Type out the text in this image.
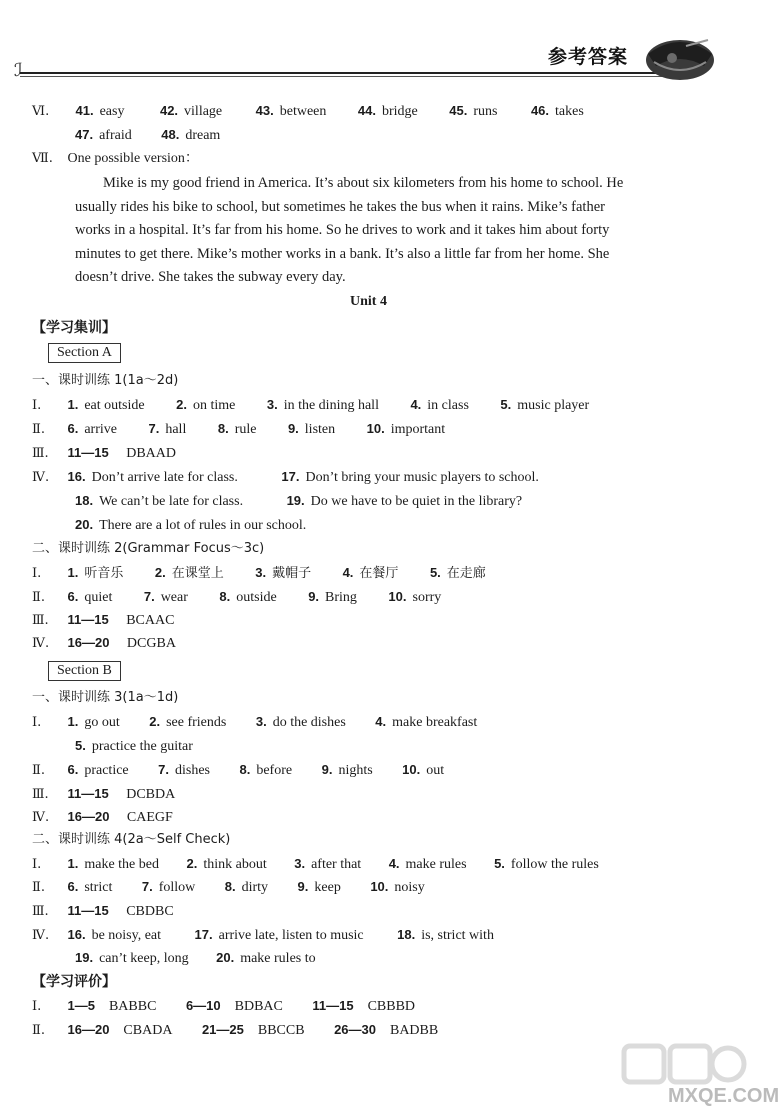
ℐ
参考答案
Ⅵ. 41. easy	42. village	43. between 44. bridge 45. runs	46. takes
47. afraid 48. dream
Ⅶ. One possible version：
Mike is my good friend in America. It’s about six kilometers from his home to school. He
usually rides his bike to school, but sometimes he takes the bus when it rains. Mike’s father
works in a hospital. It’s far from his home. So he drives to work and it takes him about forty
minutes to get there. Mike’s mother works in a bank. It’s also a little far from her home. She
doesn’t drive. She takes the subway every day.
Unit 4
【学习集训】
Section A
一、课时训练 1(1a～2d)
Ⅰ. 1. eat outside 2. on time 3. in the dining hall 4. in class 5. music player
Ⅱ. 6. arrive 7. hall 8. rule 9. listen 10. important
Ⅲ. 11—15 DBAAD
Ⅳ. 16. Don’t arrive late for class.	17. Don’t bring your music players to school.
18. We can’t be late for class.	19. Do we have to be quiet in the library?
20. There are a lot of rules in our school.
二、课时训练 2(Grammar Focus～3c)
Ⅰ. 1. 听音乐 2. 在课堂上 3. 戴帽子 4. 在餐厅 5. 在走廊
Ⅱ. 6. quiet 7. wear 8. outside 9. Bring 10. sorry
Ⅲ. 11—15 BCAAC
Ⅳ. 16—20 DCGBA
Section B
一、课时训练 3(1a～1d)
Ⅰ. 1. go out 2. see friends 3. do the dishes 4. make breakfast
5. practice the guitar
Ⅱ. 6. practice 7. dishes 8. before 9. nights 10. out
Ⅲ. 11—15 DCBDA
Ⅳ. 16—20 CAEGF
二、课时训练 4(2a～Self Check)
Ⅰ. 1. make the bed 2. think about 3. after that 4. make rules 5. follow the rules
Ⅱ. 6. strict 7. follow 8. dirty 9. keep 10. noisy
Ⅲ. 11—15 CBDBC
Ⅳ. 16. be noisy, eat	17. arrive late, listen to music	18. is, strict with
19. can’t keep, long 20. make rules to
【学习评价】
Ⅰ. 1—5 BABBC 6—10 BDBAC 11—15 CBBBD
Ⅱ. 16—20 CBADA 21—25 BBCCB 26—30 BADBB
MXQE.COM
